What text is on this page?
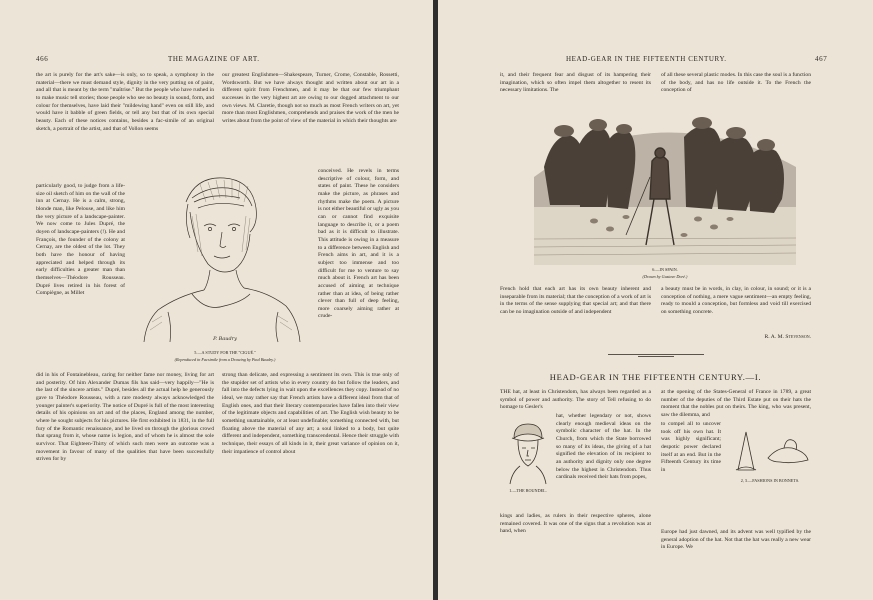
466	THE MAGAZINE OF ART.
the art is purely for the art's sake—is only, so to speak, a symphony in the material—there we must demand style, dignity in the very putting on of paint, and all that is meant by the term "maîtrise." But the people who have rushed in to make music tell stories; those people who see no beauty in sound, form, and colour for themselves, have laid their "mildewing hand" even on still life, and would have it babble of green fields, or tell any but that of its own special beauty. Each of these notices contains, besides a fac-simile of an original sketch, a portrait of the artist, and that of Vollon seems
particularly good, to judge from a life-size oil sketch of him on the wall of the inn at Cernay. He is a calm, strong, blonde man, like Pelouse, and like him the very picture of a landscape-painter. We now come to Jules Dupré, the doyen of landscape-painters (!). He and François, the founder of the colony at Cernay, are the oldest of the lot. They both have the honour of having appreciated and helped through its early difficulties a greater man than themselves—Théodore Rousseau. Dupré lives retired in his forest of Compiègne, as Millet
did in his of Fontainebleau, caring for neither fame nor money, living for art and posterity. Of him Alexander Dumas fils has said—very happily—"He is the last of the sincere artists." Dupré, besides all the actual help he generously gave to Théodore Rousseau, with a rare modesty always acknowledged the younger painter's superiority. The notice of Dupré is full of the most interesting details of his opinions on art and of the places, England among the number, where he sought subjects for his pictures. He first exhibited in 1831, in the full fury of the Romantic renaissance, and he lived on through the glorious crowd that sprang from it, whose name is legion, and of whom he is almost the sole survivor. That Eighteen-Thirty of which such men were an outcome was a movement in favour of many of the qualities that have been successfully striven for by
our greatest Englishmen—Shakespeare, Turner, Crome, Constable, Rossetti, Wordsworth. But we have always thought and written about our art in a different spirit from Frenchmen, and it may be that our few triumphant successes in the very highest art are owing to our dogged attachment to our own views. M. Claretie, though not so much as most French writers on art, yet more than most Englishmen, comprehends and praises the work of the men he writes about from the point of view of the material in which their thoughts are
conceived. He revels in terms descriptive of colour, form, and states of paint. These he considers make the picture, as phrases and rhythms make the poem. A picture is not either beautiful or ugly as you can or cannot find exquisite language to describe it, or a poem bad as it is difficult to illustrate. This attitude is owing in a measure to a difference between English and French aims in art, and it is a subject too immense and too difficult for me to venture to say much about it. French art has been accused of aiming at technique rather than at idea, of being rather clever than full of deep feeling, more coarsely aiming rather at crude-
strong than delicate, and expressing a sentiment its own. This is true only of the stupider set of artists who in every country do but follow the leaders, and fall into the defects lying in wait upon the excellences they copy. Instead of no ideal, we may rather say that French artists have a different ideal from that of English ones, and that their literary contemporaries have fallen into their view of the legitimate objects and capabilities of art. The English wish beauty to be something unattainable, or at least undefinable; something connected with, but floating above the material of any art; a soul linked to a body, but quite different and independent, something transcendental. Hence their struggle with technique, their essays of all kinds in it, their great variance of opinion on it, their impatience of control about
P. Baudry
5.—A STUDY FOR THE "CIGUË."
(Reproduced in Facsimile from a Drawing by Paul Baudry.)
HEAD-GEAR IN THE FIFTEENTH CENTURY.	467
it, and their frequent fear and disgust of its hampering their imagination, which so often impel them altogether to resent its necessary limitations. The
of all these several plastic modes. In this case the soul is a function of the body, and has no life outside it. To the French the conception of
6.—IN SPAIN.
(Drawn by Gustave Doré.)
French hold that each art has its own beauty inherent and inseparable from its material; that the conception of a work of art is in the terms of the sense supplying that special art; and that there can be no imagination outside of and independent
a beauty must be in words, in clay, in colour, in sound; or it is a conception of nothing, a mere vague sentiment—an empty feeling, ready to mould a conception, but formless and void till exercised on something concrete.
R. A. M. Stevenson.
HEAD-GEAR IN THE FIFTEENTH CENTURY.—I.
THE hat, at least in Christendom, has always been regarded as a symbol of power and authority. The story of Tell refusing to do homage to Gesler's
hat, whether legendary or not, shows clearly enough medieval ideas on the symbolic character of the hat. In the Church, from which the State borrowed so many of its ideas, the giving of a hat signified the elevation of its recipient to an authority and dignity only one degree below the highest in Christendom. Thus cardinals received their hats from popes,
kings and ladies, as rulers in their respective spheres, alone remained covered. It was one of the signs that a revolution was at hand, when
at the opening of the States-General of France in 1789, a great number of the deputies of the Third Estate put on their hats the moment that the nobles put on theirs. The king, who was present, saw the dilemma, and
to compel all to uncover took off his own hat. It was highly significant; despotic power declared itself at an end. But in the Fifteenth Century its time in
Europe had just dawned, and its advent was well typified by the general adoption of the hat. Not that the hat was really a new wear in Europe. We
1.—THE ROUNDEL.
2, 3.—FASHIONS IN BONNETS.
